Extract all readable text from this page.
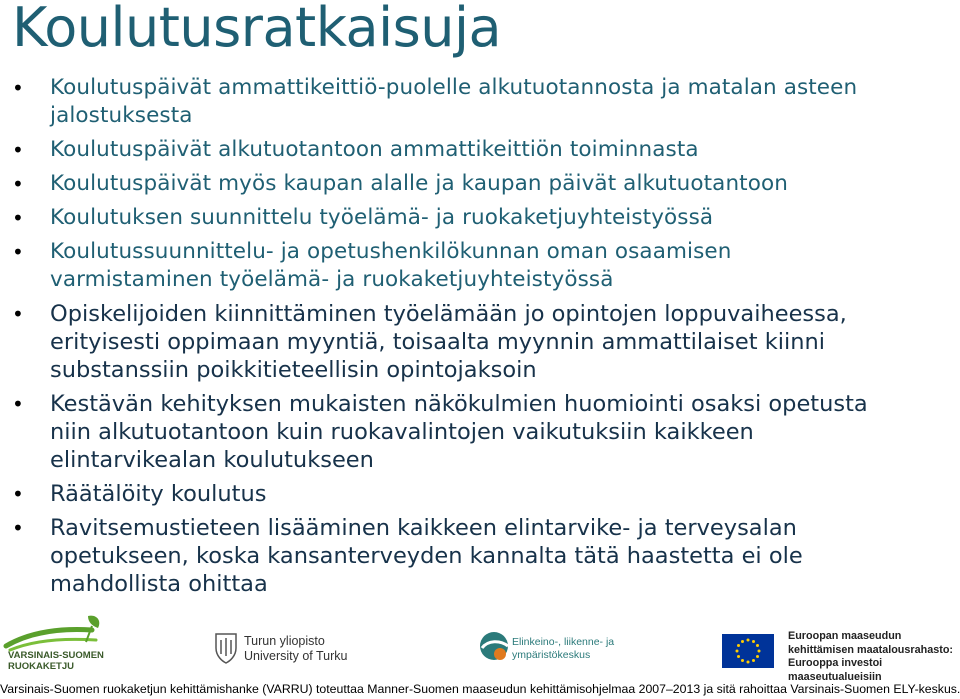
Koulutusratkaisuja
• Koulutuspäivät ammattikeittiö-puolelle alkutuotannosta ja matalan asteen
jalostuksesta
• Koulutuspäivät alkutuotantoon ammattikeittiön toiminnasta
• Koulutuspäivät myös kaupan alalle ja kaupan päivät alkutuotantoon
• Koulutuksen suunnittelu työelämä- ja ruokaketjuyhteistyössä
• Koulutussuunnittelu- ja opetushenkilökunnan oman osaamisen
varmistaminen työelämä- ja ruokaketjuyhteistyössä
• Opiskelijoiden kiinnittäminen työelämään jo opintojen loppuvaiheessa,
erityisesti oppimaan myyntiä, toisaalta myynnin ammattilaiset kiinni
substanssiin poikkitieteellisin opintojaksoin
• Kestävän kehityksen mukaisten näkökulmien huomiointi osaksi opetusta
niin alkutuotantoon kuin ruokavalintojen vaikutuksiin kaikkeen
elintarvikealan koulutukseen
• Räätälöity koulutus
• Ravitsemustieteen lisääminen kaikkeen elintarvike- ja terveysalan
opetukseen, koska kansanterveyden kannalta tätä haastetta ei ole
mahdollista ohittaa
VARSINAIS-SUOMEN
RUOKAKETJU
Turun yliopisto
University of Turku
Elinkeino-, liikenne- ja
ympäristökeskus
Euroopan maaseudun
kehittämisen maatalousrahasto:
Eurooppa investoi maaseutualueisiin
Varsinais-Suomen ruokaketjun kehittämishanke (VARRU) toteuttaa Manner-Suomen maaseudun kehittämisohjelmaa 2007–2013 ja sitä rahoittaa Varsinais-Suomen ELY-keskus.
